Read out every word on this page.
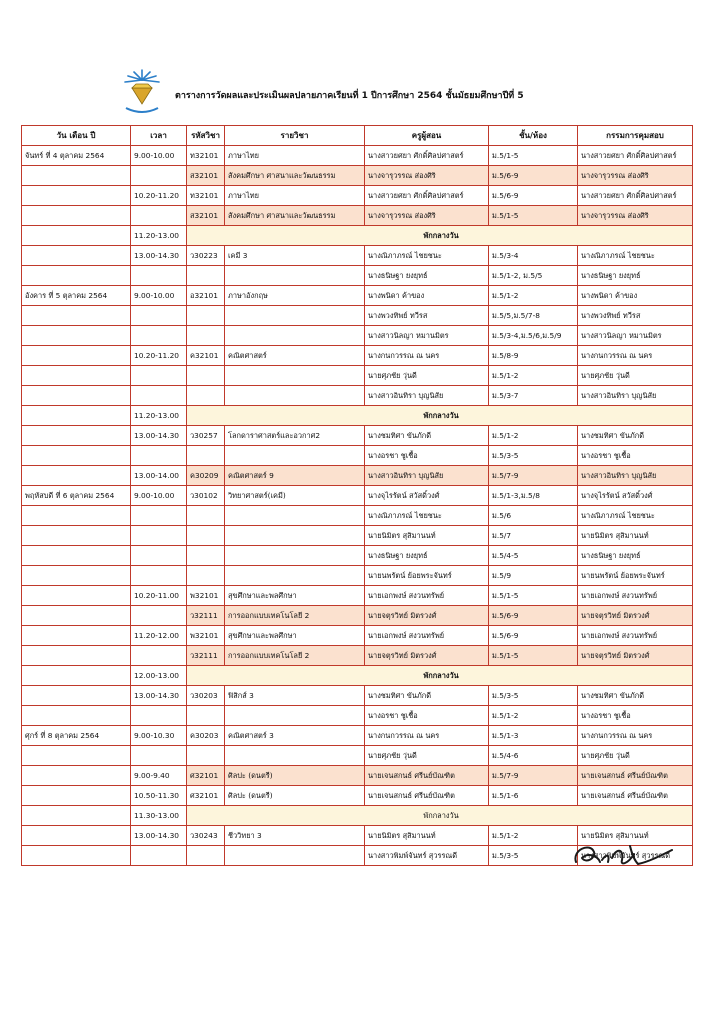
ตารางการวัดผลและประเมินผลปลายภาคเรียนที่ 1 ปีการศึกษา 2564 ชั้นมัธยมศึกษาปีที่ 5
วัน เดือน ปี	เวลา	รหัสวิชา	รายวิชา	ครูผู้สอน	ชั้น/ห้อง	กรรมการคุมสอบ
จันทร์ ที่ 4 ตุลาคม 2564	9.00-10.00	ท32101	ภาษาไทย	นางสาวยศยา ศักดิ์ศิลปศาสตร์	ม.5/1-5	นางสาวยศยา ศักดิ์ศิลปศาสตร์
		ส32101	สังคมศึกษา ศาสนาและวัฒนธรรม	นางจารุวรรณ ส่องศิริ	ม.5/6-9	นางจารุวรรณ ส่องศิริ
	10.20-11.20	ท32101	ภาษาไทย	นางสาวยศยา ศักดิ์ศิลปศาสตร์	ม.5/6-9	นางสาวยศยา ศักดิ์ศิลปศาสตร์
		ส32101	สังคมศึกษา ศาสนาและวัฒนธรรม	นางจารุวรรณ ส่องศิริ	ม.5/1-5	นางจารุวรรณ ส่องศิริ
	11.20-13.00	พักกลางวัน				
	13.00-14.30	ว30223	เคมี 3	นางณิภาภรณ์ ไชยชนะ	ม.5/3-4	นางณิภาภรณ์ ไชยชนะ
				นางธนิษฐา ยงยุทธ์	ม.5/1-2, ม.5/5	นางธนิษฐา ยงยุทธ์
อังคาร ที่ 5 ตุลาคม 2564	9.00-10.00	อ32101	ภาษาอังกฤษ	นางพนิดา ค้าของ	ม.5/1-2	นางพนิดา ค้าของ
				นางพวงทิพย์ ทวีรส	ม.5/5,ม.5/7-8	นางพวงทิพย์ ทวีรส
				นางสาวนิลญา หมานมิตร	ม.5/3-4,ม.5/6,ม.5/9	นางสาวนิลญา หมานมิตร
	10.20-11.20	ค32101	คณิตศาสตร์	นางกนกวรรณ ณ นคร	ม.5/8-9	นางกนกวรรณ ณ นคร
				นายศุภชัย วุ่นดี	ม.5/1-2	นายศุภชัย วุ่นดี
				นางสาวอินทิรา บุญนิสัย	ม.5/3-7	นางสาวอินทิรา บุญนิสัย
	11.20-13.00	พักกลางวัน				
	13.00-14.30	ว30257	โลกดาราศาสตร์และอวกาศ2	นางชมทิศา ขันภักดี	ม.5/1-2	นางชมทิศา ขันภักดี
				นางอรชา ชูเชื้อ	ม.5/3-5	นางอรชา ชูเชื้อ
	13.00-14.00	ค30209	คณิตศาสตร์ 9	นางสาวอินทิรา บุญนิสัย	ม.5/7-9	นางสาวอินทิรา บุญนิสัย
พฤหัสบดี ที่ 6 ตุลาคม 2564	9.00-10.00	ว30102	วิทยาศาสตร์(เคมี)	นางจุไรรัตน์ สวัสดิ์วงศ์	ม.5/1-3,ม.5/8	นางจุไรรัตน์ สวัสดิ์วงศ์
				นางณิภาภรณ์ ไชยชนะ	ม.5/6	นางณิภาภรณ์ ไชยชนะ
				นายนิมิตร สุสิมานนท์	ม.5/7	นายนิมิตร สุสิมานนท์
				นางธนิษฐา ยงยุทธ์	ม.5/4-5	นางธนิษฐา ยงยุทธ์
				นายนพรัตน์ ย้อยพระจันทร์	ม.5/9	นายนพรัตน์ ย้อยพระจันทร์
	10.20-11.00	พ32101	สุขศึกษาและพลศึกษา	นายเอกพงษ์ สงวนทรัพย์	ม.5/1-5	นายเอกพงษ์ สงวนทรัพย์
		ว32111	การออกแบบเทคโนโลยี 2	นายจตุรวิทย์ มิตรวงศ์	ม.5/6-9	นายจตุรวิทย์ มิตรวงศ์
	11.20-12.00	พ32101	สุขศึกษาและพลศึกษา	นายเอกพงษ์ สงวนทรัพย์	ม.5/6-9	นายเอกพงษ์ สงวนทรัพย์
		ว32111	การออกแบบเทคโนโลยี 2	นายจตุรวิทย์ มิตรวงศ์	ม.5/1-5	นายจตุรวิทย์ มิตรวงศ์
	12.00-13.00	พักกลางวัน				
	13.00-14.30	ว30203	ฟิสิกส์ 3	นางชมทิศา ขันภักดี	ม.5/3-5	นางชมทิศา ขันภักดี
				นางอรชา ชูเชื้อ	ม.5/1-2	นางอรชา ชูเชื้อ
ศุกร์ ที่ 8 ตุลาคม 2564	9.00-10.30	ค30203	คณิตศาสตร์ 3	นางกนกวรรณ ณ นคร	ม.5/1-3	นางกนกวรรณ ณ นคร
				นายศุภชัย วุ่นดี	ม.5/4-6	นายศุภชัย วุ่นดี
	9.00-9.40	ศ32101	ศิลปะ (ดนตรี)	นายเจนสกนธ์ ศรีนย์บัณฑิต	ม.5/7-9	นายเจนสกนธ์ ศรีนย์บัณฑิต
	10.50-11.30	ศ32101	ศิลปะ (ดนตรี)	นายเจนสกนธ์ ศรีนย์บัณฑิต	ม.5/1-6	นายเจนสกนธ์ ศรีนย์บัณฑิต
	11.30-13.00	พักกลางวัน				
	13.00-14.30	ว30243	ชีววิทยา 3	นายนิมิตร สุสิมานนท์	ม.5/1-2	นายนิมิตร สุสิมานนท์
				นางสาวพิมพ์จันทร์ สุวรรณดี	ม.5/3-5	นางสาวพิมพ์จันทร์ สุวรรณดี
